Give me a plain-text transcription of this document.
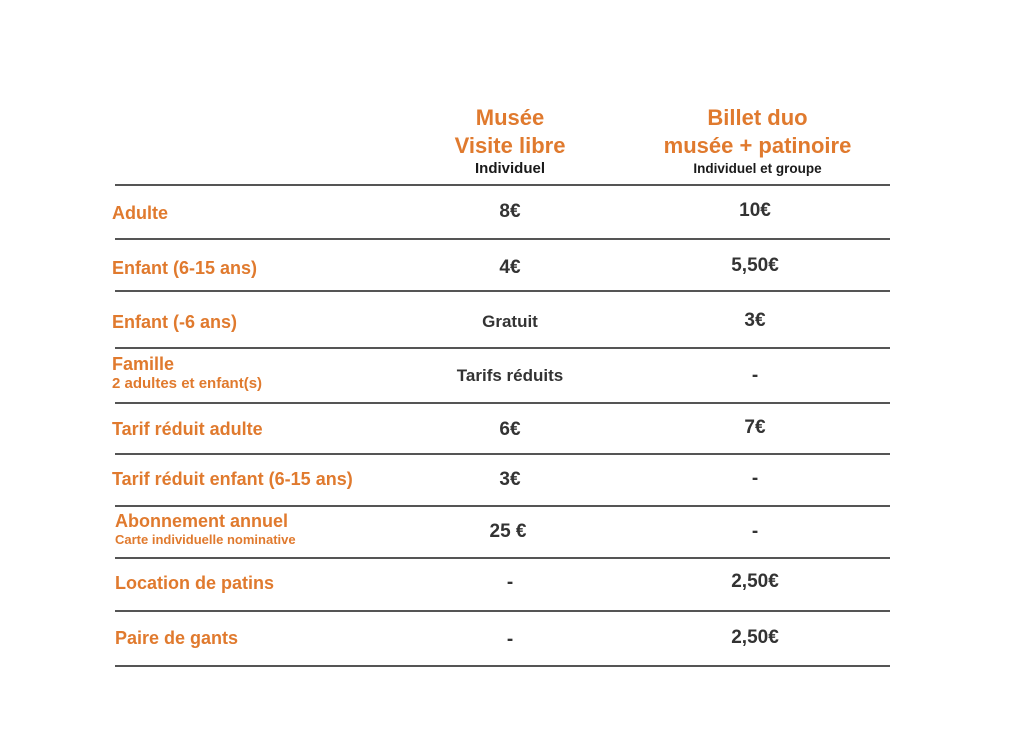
Musée
Visite libre
Individuel
Billet duo
musée + patinoire
Individuel et groupe
Adulte	8€	10€
Enfant (6-15 ans)	4€	5,50€
Enfant (-6 ans)	Gratuit	3€
Famille
2 adultes et enfant(s)	Tarifs réduits	-
Tarif réduit adulte	6€	7€
Tarif réduit enfant (6-15 ans)	3€	-
Abonnement annuel
Carte individuelle nominative	25 €	-
Location de patins	-	2,50€
Paire de gants	-	2,50€
